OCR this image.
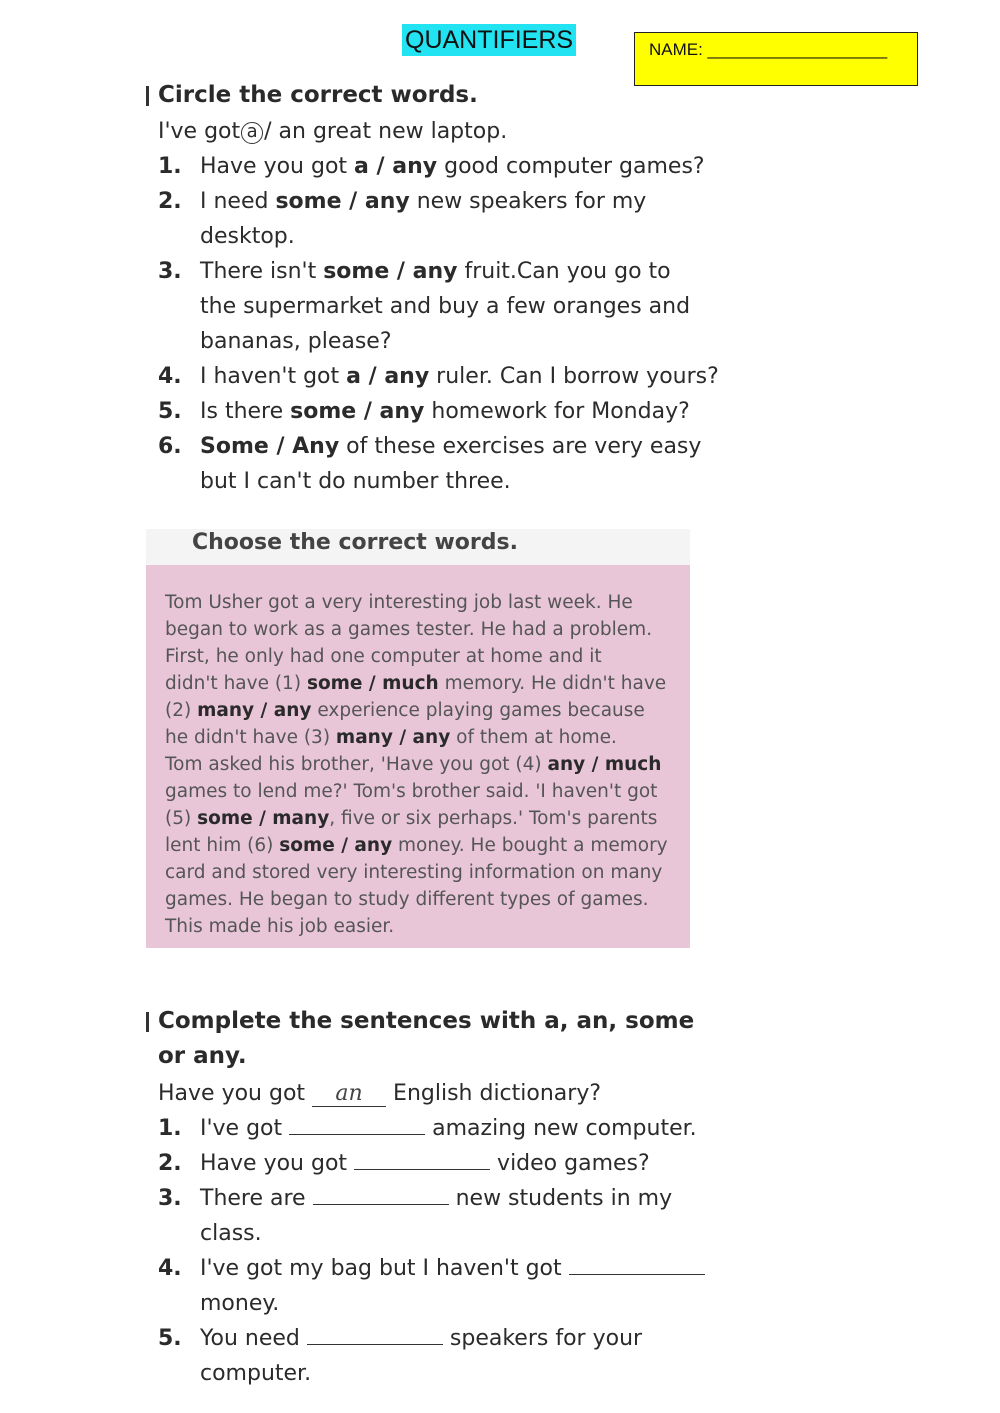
QUANTIFIERS	NAME: ___________________
Circle the correct words.
I've got a / an great new laptop.
1. Have you got a / any good computer games?
2. I need some / any new speakers for my
desktop.
3. There isn't some / any fruit.Can you go to
the supermarket and buy a few oranges and
bananas, please?
4. I haven't got a / any ruler. Can I borrow yours?
5. Is there some / any homework for Monday?
6. Some / Any of these exercises are very easy
but I can't do number three.
Choose the correct words.
Tom Usher got a very interesting job last week. He
began to work as a games tester. He had a problem.
First, he only had one computer at home and it
didn't have (1) some / much memory. He didn't have
(2) many / any experience playing games because
he didn't have (3) many / any of them at home.
Tom asked his brother, 'Have you got (4) any / much
games to lend me?' Tom's brother said. 'I haven't got
(5) some / many, five or six perhaps.' Tom's parents
lent him (6) some / any money. He bought a memory
card and stored very interesting information on many
games. He began to study different types of games.
This made his job easier.
Complete the sentences with a, an, some
or any.
Have you got an English dictionary?
1. I've got	amazing new computer.
2. Have you got	video games?
3. There are	new students in my
class.
4. I've got my bag but I haven't got
money.
5. You need	speakers for your
computer.
